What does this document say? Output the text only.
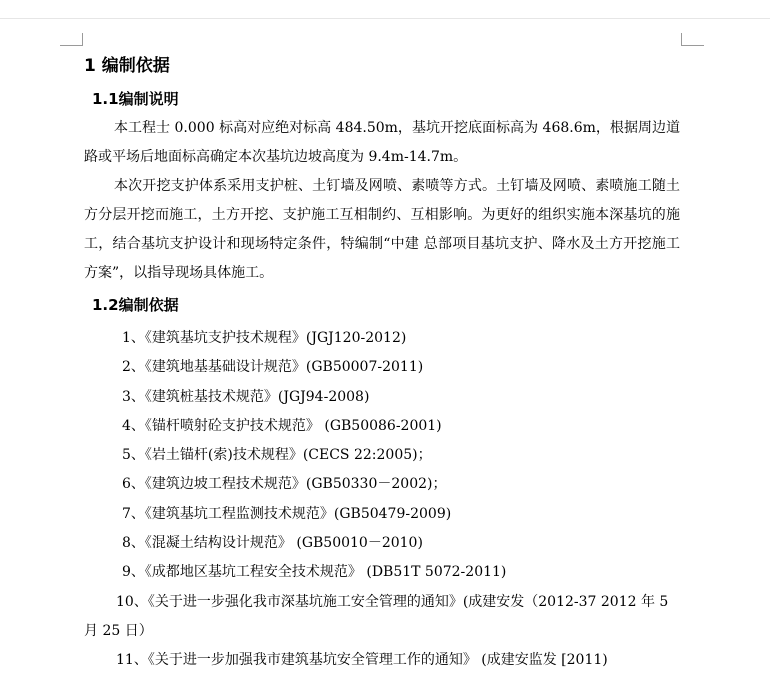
1 编制依据
1.1编制说明

本工程士 0.000 标高对应绝对标高 484.50m，基坑开挖底面标高为 468.6m，根据周边道路或平场后地面标高确定本次基坑边坡高度为 9.4m-14.7m。

本次开挖支护体系采用支护桩、土钉墙及网喷、素喷等方式。土钉墙及网喷、素喷施工随土方分层开挖而施工，土方开挖、支护施工互相制约、互相影响。为更好的组织实施本深基坑的施工，结合基坑支护设计和现场特定条件，特编制“中建 总部项目基坑支护、降水及土方开挖施工方案”，以指导现场具体施工。

1.2编制依据
1、《建筑基坑支护技术规程》(JGJ120-2012)
2、《建筑地基基础设计规范》(GB50007-2011)
3、《建筑桩基技术规范》(JGJ94-2008)
4、《锚杆喷射砼支护技术规范》 (GB50086-2001)
5、《岩土锚杆(索)技术规程》(CECS 22:2005)；
6、《建筑边坡工程技术规范》(GB50330－2002)；
7、《建筑基坑工程监测技术规范》(GB50479-2009)
8、《混凝土结构设计规范》 (GB50010－2010)
9、《成都地区基坑工程安全技术规范》 (DB51T 5072-2011)
10、《关于进一步强化我市深基坑施工安全管理的通知》(成建安发（2012-37 2012 年 5 月 25 日）
11、《关于进一步加强我市建筑基坑安全管理工作的通知》 (成建安监发 [2011)
